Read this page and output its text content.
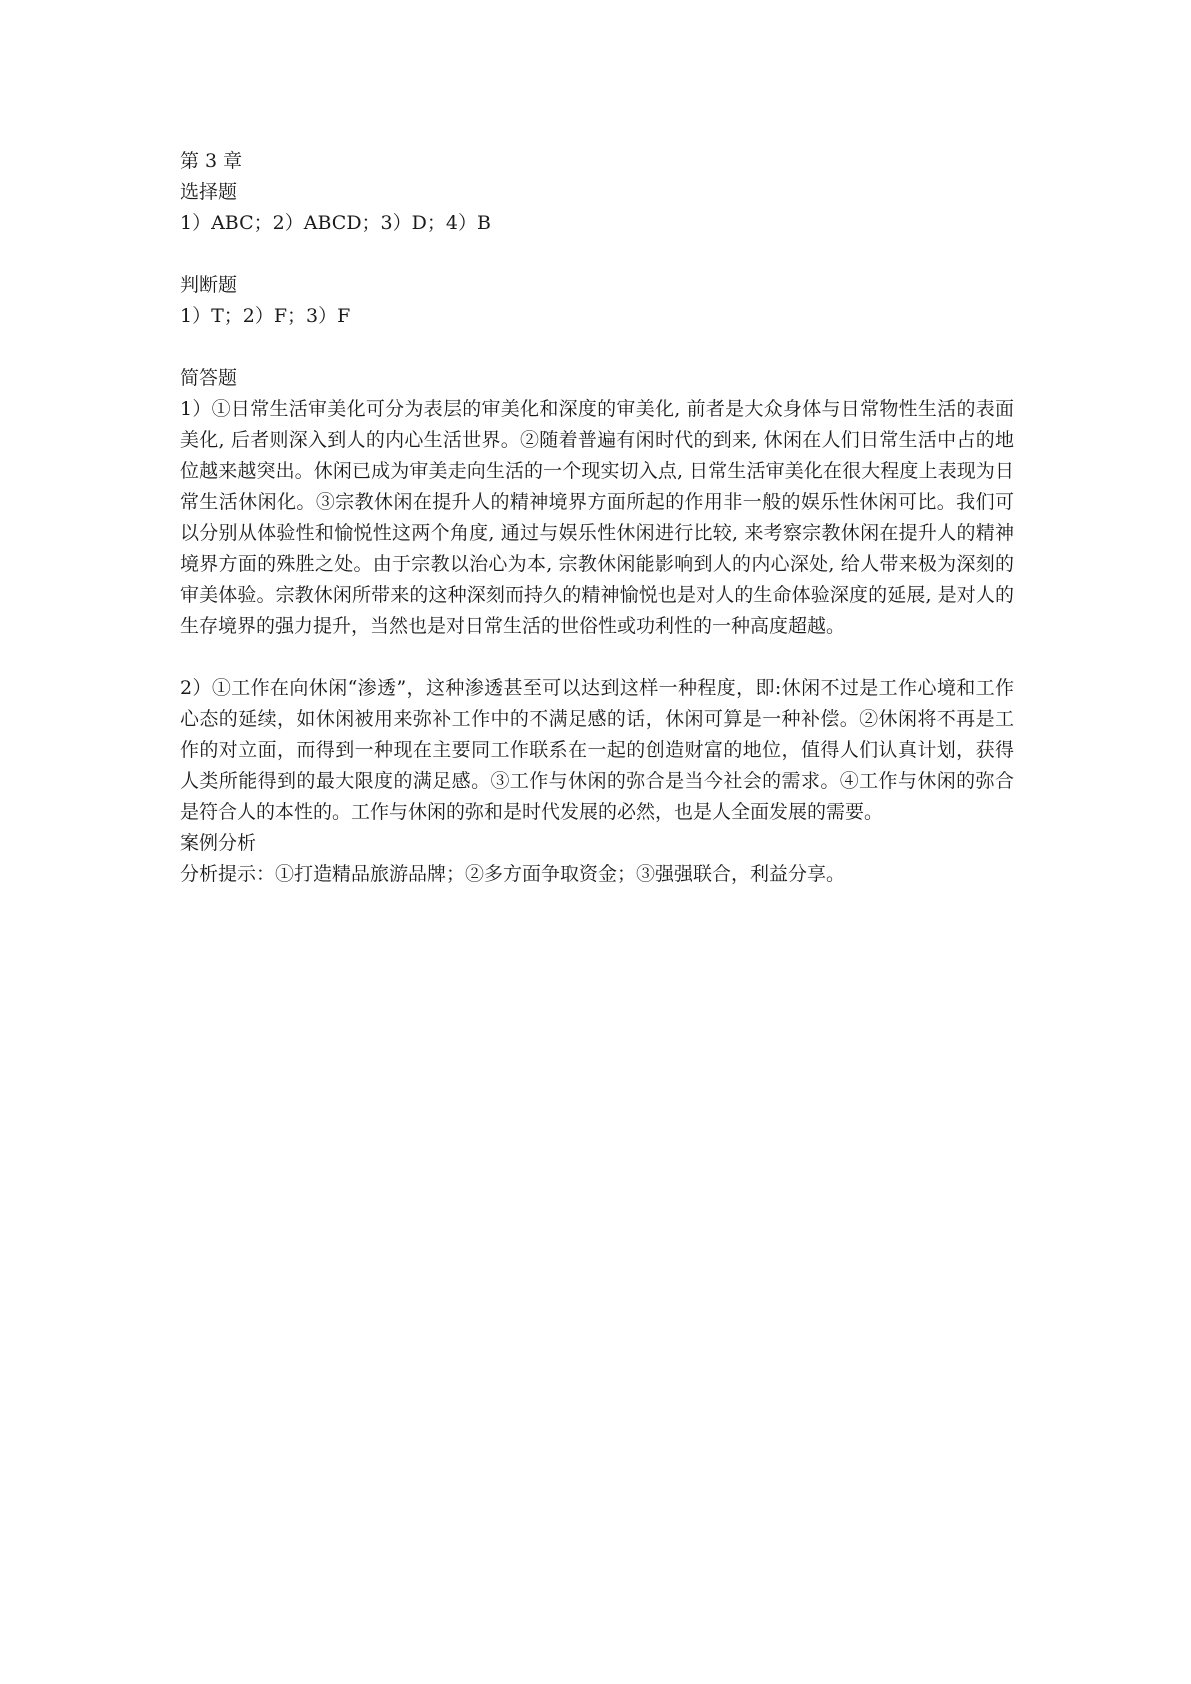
第 3 章

选择题

1）ABC；2）ABCD；3）D；4）B

判断题

1）T；2）F；3）F

简答题

1）①日常生活审美化可分为表层的审美化和深度的审美化, 前者是大众身体与日常物性生活的表面美化, 后者则深入到人的内心生活世界。②随着普遍有闲时代的到来, 休闲在人们日常生活中占的地位越来越突出。休闲已成为审美走向生活的一个现实切入点, 日常生活审美化在很大程度上表现为日常生活休闲化。③宗教休闲在提升人的精神境界方面所起的作用非一般的娱乐性休闲可比。我们可以分别从体验性和愉悦性这两个角度, 通过与娱乐性休闲进行比较, 来考察宗教休闲在提升人的精神境界方面的殊胜之处。由于宗教以治心为本, 宗教休闲能影响到人的内心深处, 给人带来极为深刻的审美体验。宗教休闲所带来的这种深刻而持久的精神愉悦也是对人的生命体验深度的延展, 是对人的生存境界的强力提升，当然也是对日常生活的世俗性或功利性的一种高度超越。

2）①工作在向休闲“渗透”，这种渗透甚至可以达到这样一种程度，即:休闲不过是工作心境和工作心态的延续，如休闲被用来弥补工作中的不满足感的话，休闲可算是一种补偿。②休闲将不再是工作的对立面，而得到一种现在主要同工作联系在一起的创造财富的地位，值得人们认真计划，获得人类所能得到的最大限度的满足感。③工作与休闲的弥合是当今社会的需求。④工作与休闲的弥合是符合人的本性的。工作与休闲的弥和是时代发展的必然，也是人全面发展的需要。

案例分析

分析提示：①打造精品旅游品牌；②多方面争取资金；③强强联合，利益分享。
